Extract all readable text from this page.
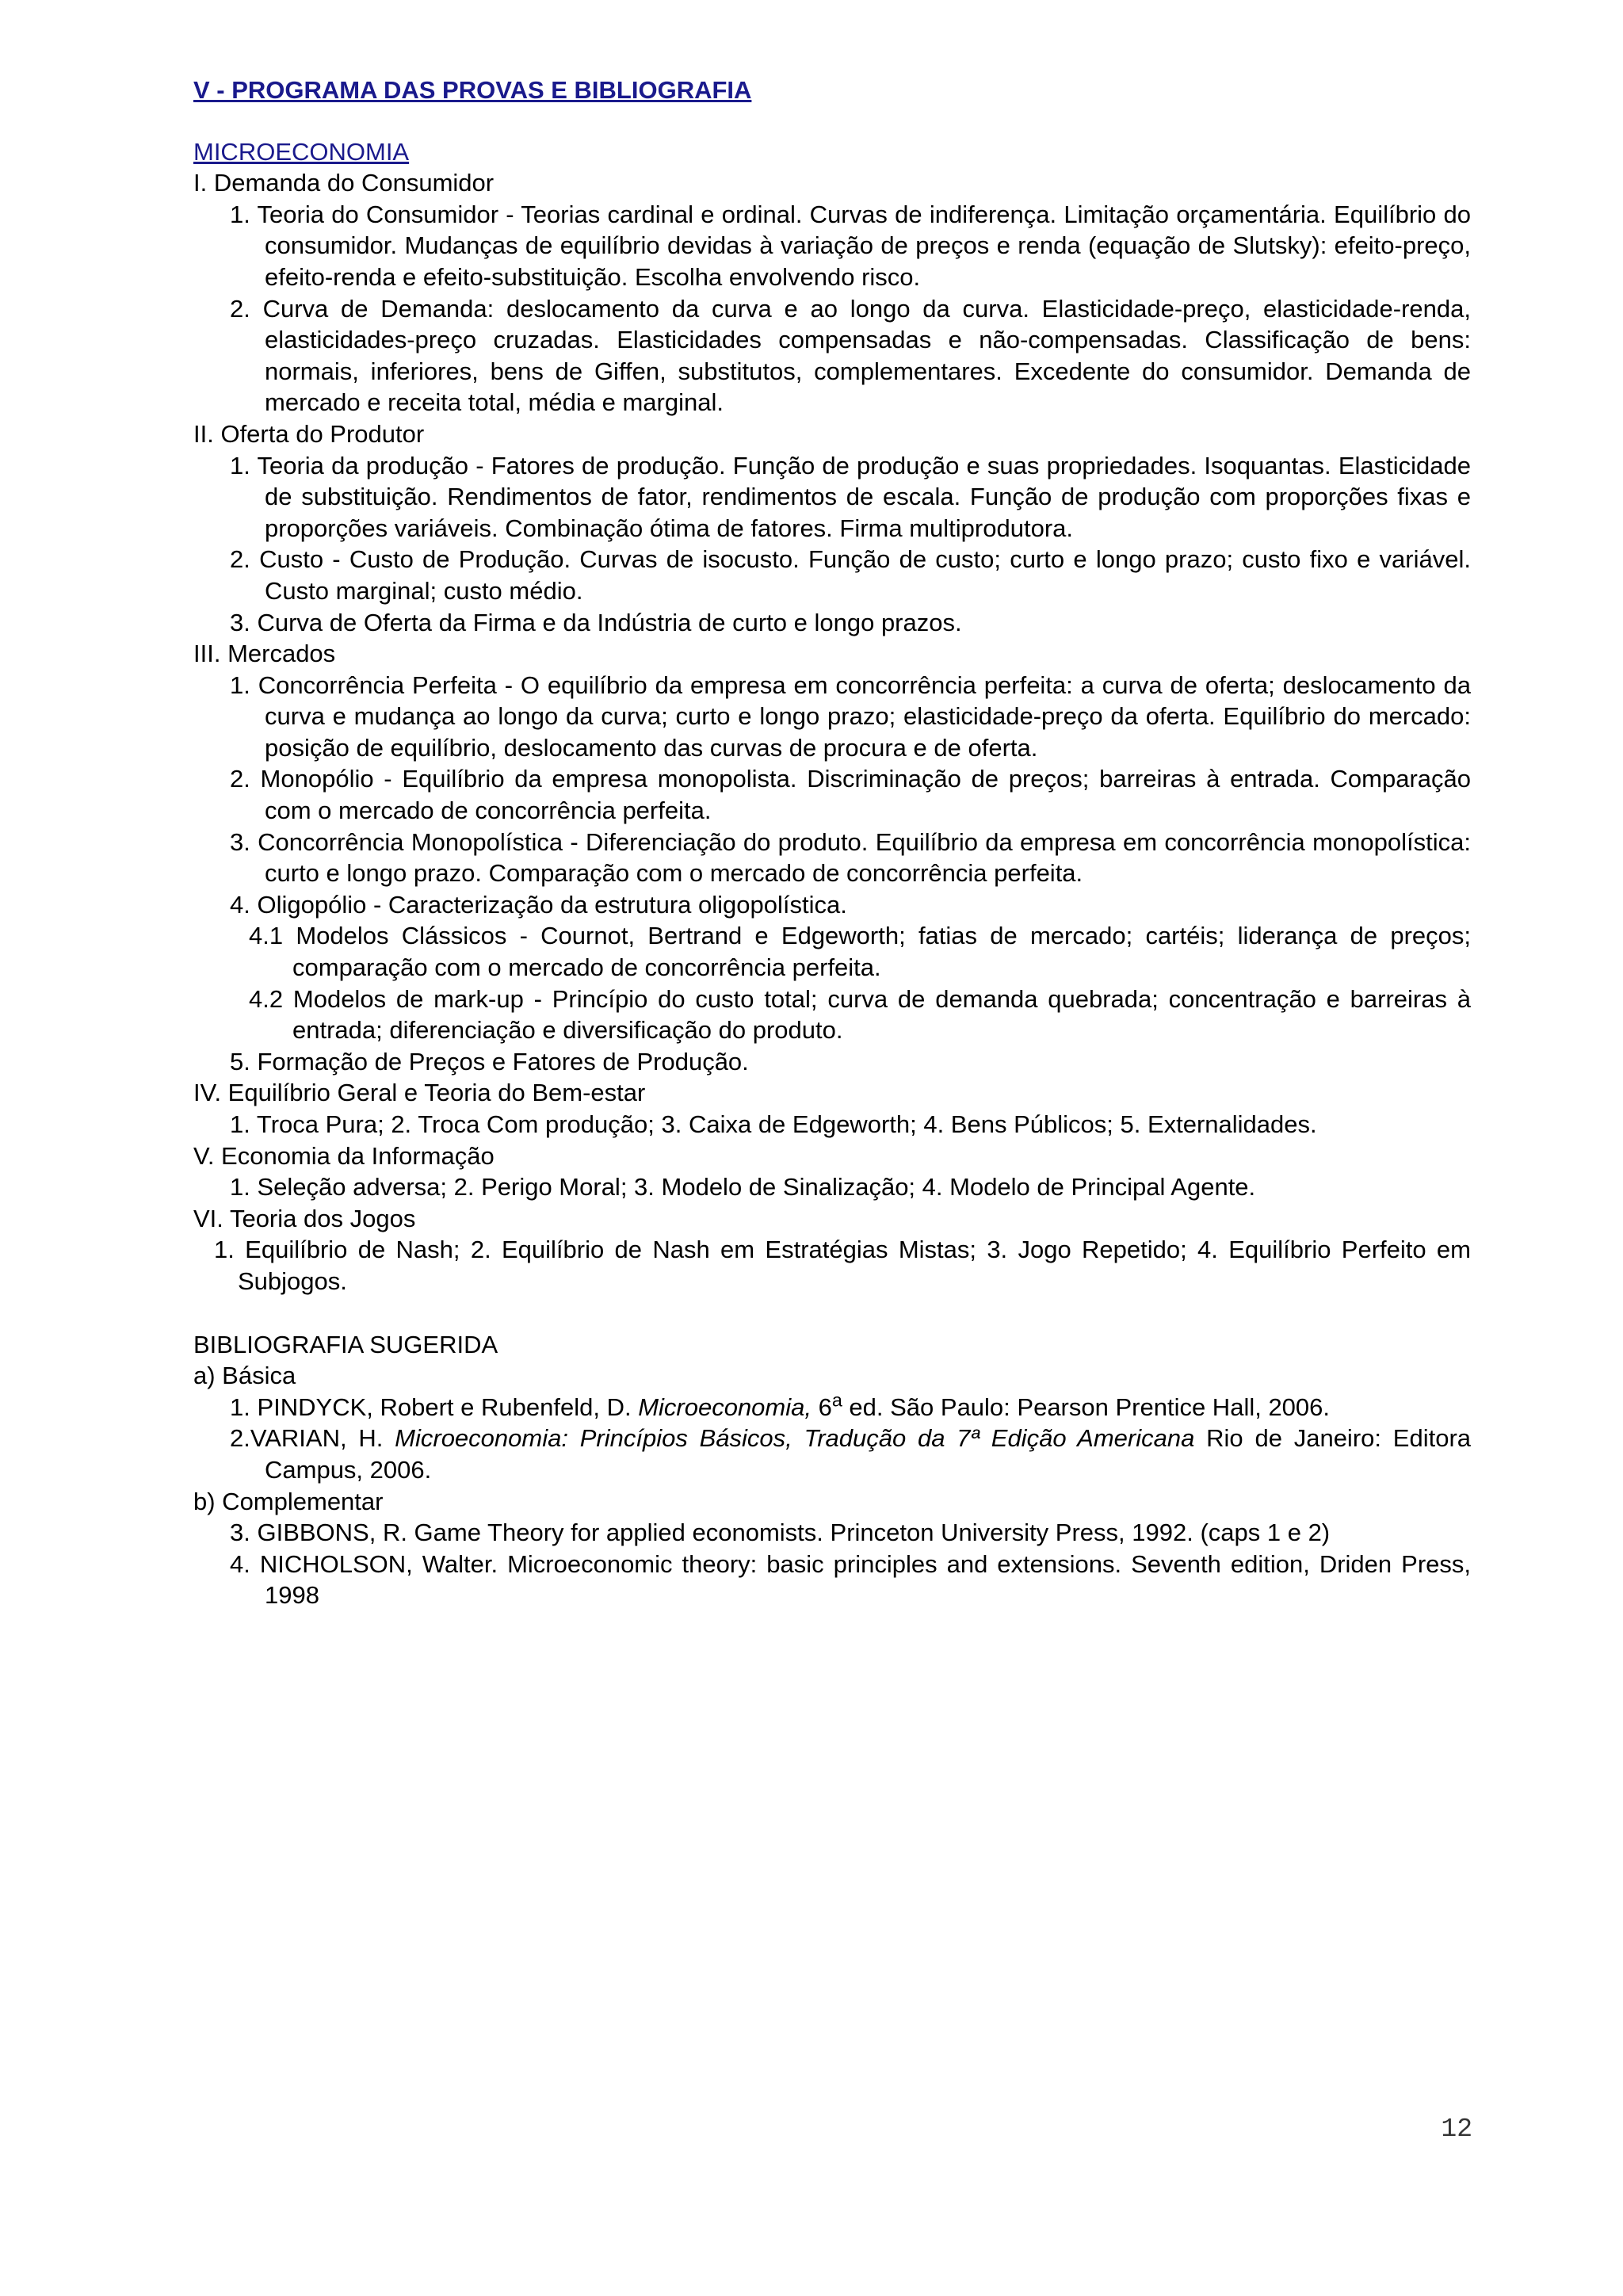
V - PROGRAMA DAS PROVAS E BIBLIOGRAFIA
MICROECONOMIA
I. Demanda do Consumidor
1. Teoria do Consumidor - Teorias cardinal e ordinal. Curvas de indiferença. Limitação orçamentária. Equilíbrio do consumidor. Mudanças de equilíbrio devidas à variação de preços e renda (equação de Slutsky): efeito-preço, efeito-renda e efeito-substituição. Escolha envolvendo risco.
2. Curva de Demanda: deslocamento da curva e ao longo da curva. Elasticidade-preço, elasticidade-renda, elasticidades-preço cruzadas. Elasticidades compensadas e não-compensadas. Classificação de bens: normais, inferiores, bens de Giffen, substitutos, complementares. Excedente do consumidor. Demanda de mercado e receita total, média e marginal.
II. Oferta do Produtor
1. Teoria da produção - Fatores de produção. Função de produção e suas propriedades. Isoquantas. Elasticidade de substituição. Rendimentos de fator, rendimentos de escala. Função de produção com proporções fixas e proporções variáveis. Combinação ótima de fatores. Firma multiprodutora.
2. Custo - Custo de Produção. Curvas de isocusto. Função de custo; curto e longo prazo; custo fixo e variável. Custo marginal; custo médio.
3. Curva de Oferta da Firma e da Indústria de curto e longo prazos.
III. Mercados
1. Concorrência Perfeita - O equilíbrio da empresa em concorrência perfeita: a curva de oferta; deslocamento da curva e mudança ao longo da curva; curto e longo prazo; elasticidade-preço da oferta. Equilíbrio do mercado: posição de equilíbrio, deslocamento das curvas de procura e de oferta.
2. Monopólio - Equilíbrio da empresa monopolista. Discriminação de preços; barreiras à entrada. Comparação com o mercado de concorrência perfeita.
3. Concorrência Monopolística - Diferenciação do produto. Equilíbrio da empresa em concorrência monopolística: curto e longo prazo. Comparação com o mercado de concorrência perfeita.
4. Oligopólio - Caracterização da estrutura oligopolística.
4.1 Modelos Clássicos - Cournot, Bertrand e Edgeworth; fatias de mercado; cartéis; liderança de preços; comparação com o mercado de concorrência perfeita.
4.2 Modelos de mark-up - Princípio do custo total; curva de demanda quebrada; concentração e barreiras à entrada; diferenciação e diversificação do produto.
5. Formação de Preços e Fatores de Produção.
IV. Equilíbrio Geral e Teoria do Bem-estar
1. Troca Pura; 2. Troca Com produção; 3. Caixa de Edgeworth; 4. Bens Públicos; 5. Externalidades.
V. Economia da Informação
1. Seleção adversa; 2. Perigo Moral; 3. Modelo de Sinalização; 4. Modelo de Principal Agente.
VI. Teoria dos Jogos
1. Equilíbrio de Nash; 2. Equilíbrio de Nash em Estratégias Mistas; 3. Jogo Repetido; 4. Equilíbrio Perfeito em Subjogos.
BIBLIOGRAFIA SUGERIDA
a) Básica
1. PINDYCK, Robert e Rubenfeld, D. Microeconomia, 6$^a$ ed. São Paulo: Pearson Prentice Hall, 2006.
2.VARIAN, H. Microeconomia: Princípios Básicos, Tradução da 7ª Edição Americana Rio de Janeiro: Editora Campus, 2006.
b) Complementar
3. GIBBONS, R. Game Theory for applied economists. Princeton University Press, 1992. (caps 1 e 2)
4. NICHOLSON, Walter. Microeconomic theory: basic principles and extensions. Seventh edition, Driden Press, 1998
12
